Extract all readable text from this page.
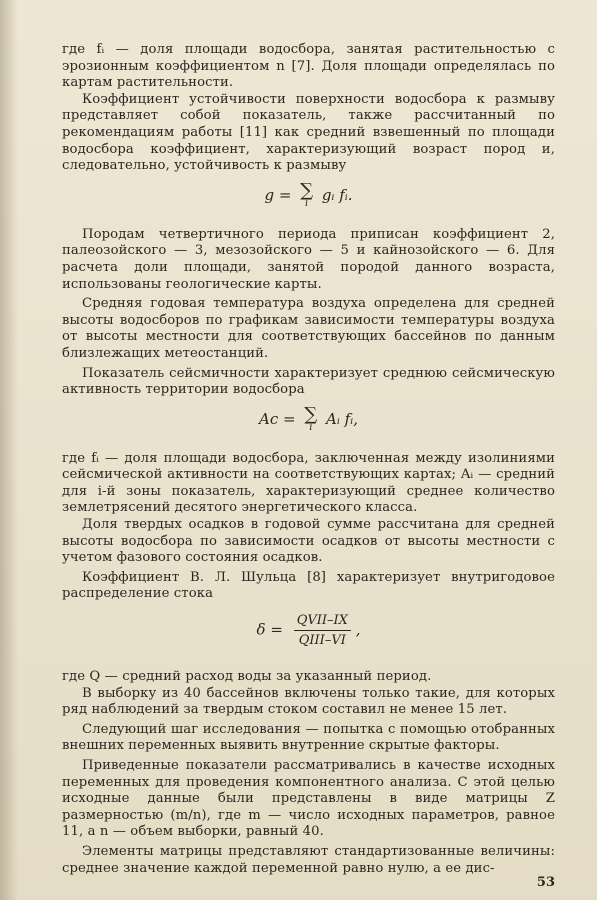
где fᵢ — доля площади водосбора, занятая растительностью с эрозионным коэффициентом n [7]. Доля площади определялась по картам растительности.

Коэффициент устойчивости поверхности водосбора к размыву представляет собой показатель, также рассчитанный по рекомендациям работы [11] как средний взвешенный по площади водосбора коэффициент, характеризующий возраст пород и, следовательно, устойчивость к размыву

g = ∑
i gᵢ fᵢ.

Породам четвертичного периода приписан коэффициент 2, палеозойского — 3, мезозойского — 5 и кайнозойского — 6. Для расчета доли площади, занятой породой данного возраста, использованы геологические карты.

Средняя годовая температура воздуха определена для средней высоты водосборов по графикам зависимости температуры воздуха от высоты местности для соответствующих бассейнов по данным близлежащих метеостанций.

Показатель сейсмичности характеризует среднюю сейсмическую активность территории водосбора

Aс = ∑
i Aᵢ fᵢ,

где fᵢ — доля площади водосбора, заключенная между изолиниями сейсмической активности на соответствующих картах; Aᵢ — средний для i-й зоны показатель, характеризующий среднее количество землетрясений десятого энергетического класса.

Доля твердых осадков в годовой сумме рассчитана для средней высоты водосбора по зависимости осадков от высоты местности с учетом фазового состояния осадков.

Коэффициент В. Л. Шульца [8] характеризует внутригодовое распределение стока

$\delta = \frac{\text{QVII–IX}}{\text{QIII–VI}}$ ,

где Q — средний расход воды за указанный период.

В выборку из 40 бассейнов включены только такие, для которых ряд наблюдений за твердым стоком составил не менее 15 лет.

Следующий шаг исследования — попытка с помощью отобранных внешних переменных выявить внутренние скрытые факторы.

Приведенные показатели рассматривались в качестве исходных переменных для проведения компонентного анализа. С этой целью исходные данные были представлены в виде матрицы Z размерностью (m/n), где m — число исходных параметров, равное 11, а n — объем выборки, равный 40.

Элементы матрицы представляют стандартизованные величины: среднее значение каждой переменной равно нулю, а ее дис-

53
